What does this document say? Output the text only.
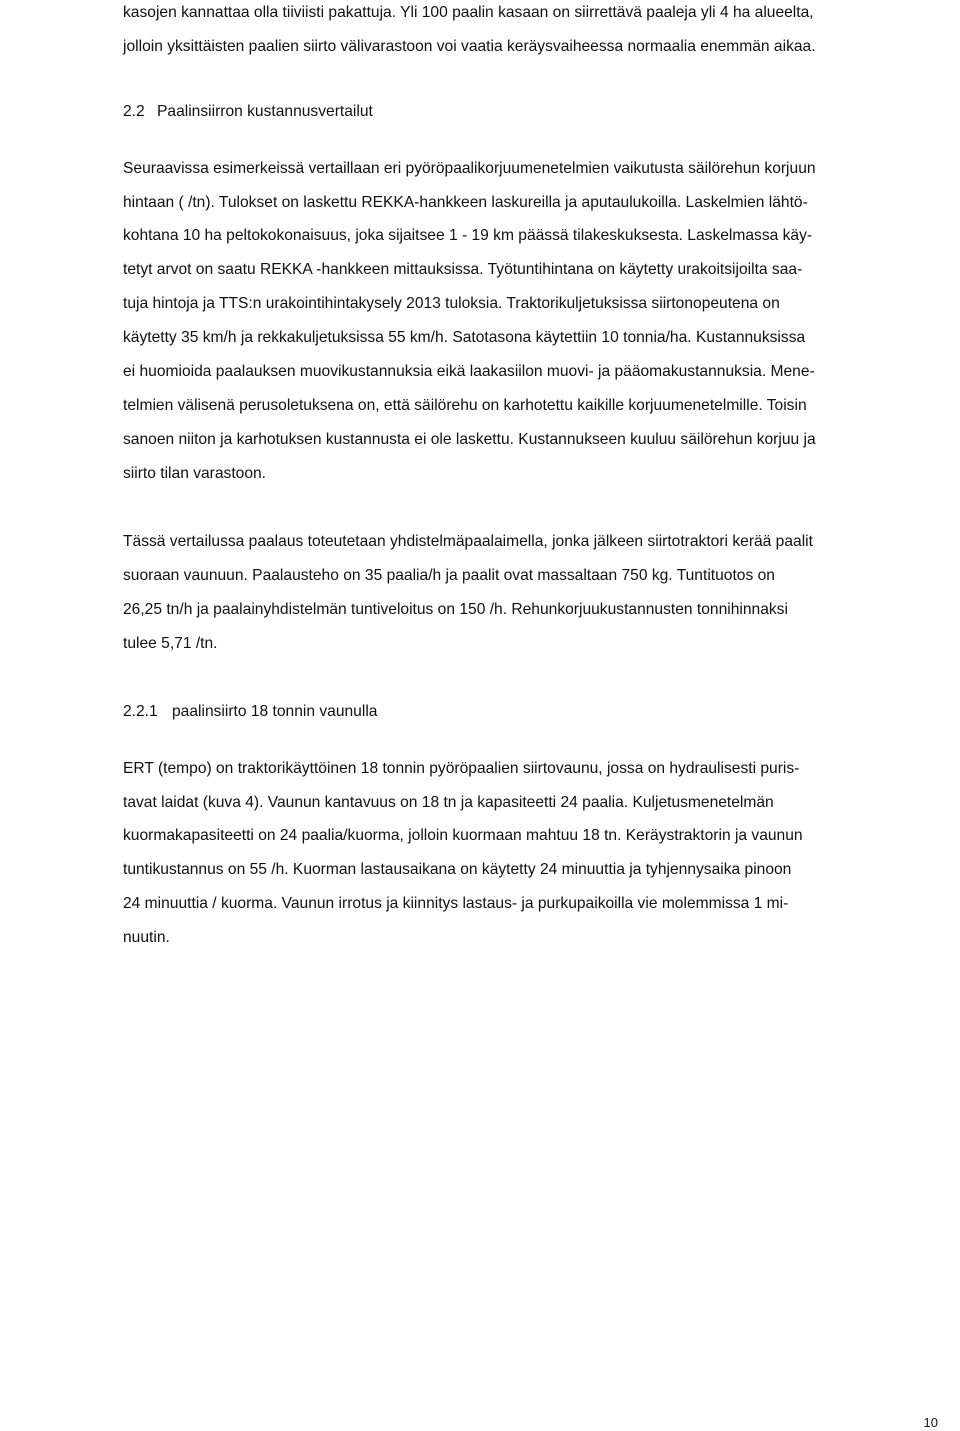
kasojen kannattaa olla tiiviisti pakattuja. Yli 100 paalin kasaan on siirrettävä paaleja yli 4 ha alueelta,
jolloin yksittäisten paalien siirto välivarastoon voi vaatia keräysvaiheessa normaalia enemmän aikaa.
2.2 Paalinsiirron kustannusvertailut
Seuraavissa esimerkeissä vertaillaan eri pyöröpaalikorjuumenetelmien vaikutusta säilörehun korjuun
hintaan ( /tn). Tulokset on laskettu REKKA-hankkeen laskureilla ja aputaulukoilla. Laskelmien lähtö-
kohtana 10 ha peltokokonaisuus, joka sijaitsee 1 - 19 km päässä tilakeskuksesta. Laskelmassa käy-
tetyt arvot on saatu REKKA -hankkeen mittauksissa. Työtuntihintana on käytetty urakoitsijoilta saa-
tuja hintoja ja TTS:n urakointihintakysely 2013 tuloksia. Traktorikuljetuksissa siirtonopeutena on
käytetty 35 km/h ja rekkakuljetuksissa 55 km/h. Satotasona käytettiin 10 tonnia/ha. Kustannuksissa
ei huomioida paalauksen muovikustannuksia eikä laakasiilon muovi- ja pääomakustannuksia. Mene-
telmien välisenä perusoletuksena on, että säilörehu on karhotettu kaikille korjuumenetelmille. Toisin
sanoen niiton ja karhotuksen kustannusta ei ole laskettu. Kustannukseen kuuluu säilörehun korjuu ja
siirto tilan varastoon.
Tässä vertailussa paalaus toteutetaan yhdistelmäpaalaimella, jonka jälkeen siirtotraktori kerää paalit
suoraan vaunuun. Paalausteho on 35 paalia/h ja paalit ovat massaltaan 750 kg. Tuntituotos on
26,25 tn/h ja paalainyhdistelmän tuntiveloitus on 150 /h. Rehunkorjuukustannusten tonnihinnaksi
tulee 5,71 /tn.
2.2.1 paalinsiirto 18 tonnin vaunulla
ERT (tempo) on traktorikäyttöinen 18 tonnin pyöröpaalien siirtovaunu, jossa on hydraulisesti puris-
tavat laidat (kuva 4). Vaunun kantavuus on 18 tn ja kapasiteetti 24 paalia. Kuljetusmenetelmän
kuormakapasiteetti on 24 paalia/kuorma, jolloin kuormaan mahtuu 18 tn. Keräystraktorin ja vaunun
tuntikustannus on 55 /h. Kuorman lastausaikana on käytetty 24 minuuttia ja tyhjennysaika pinoon
24 minuuttia / kuorma. Vaunun irrotus ja kiinnitys lastaus- ja purkupaikoilla vie molemmissa 1 mi-
nuutin.
10
